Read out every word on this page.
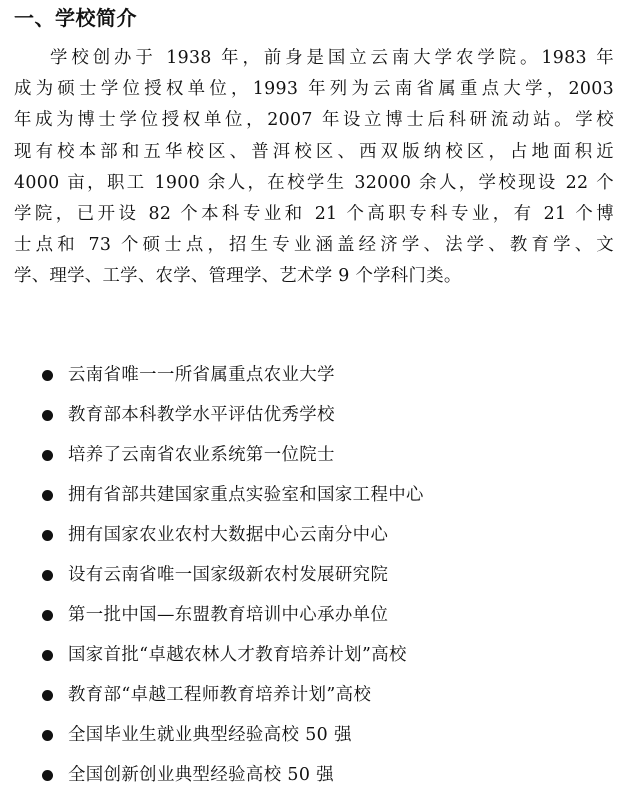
一、学校简介
学校创办于 1938 年，前身是国立云南大学农学院。1983 年
成为硕士学位授权单位，1993 年列为云南省属重点大学，2003
年成为博士学位授权单位，2007 年设立博士后科研流动站。学校
现有校本部和五华校区、普洱校区、西双版纳校区，占地面积近
4000 亩，职工 1900 余人，在校学生 32000 余人，学校现设 22 个
学院，已开设 82 个本科专业和 21 个高职专科专业，有 21 个博
士点和 73 个硕士点，招生专业涵盖经济学、法学、教育学、文
学、理学、工学、农学、管理学、艺术学 9 个学科门类。
云南省唯一一所省属重点农业大学
教育部本科教学水平评估优秀学校
培养了云南省农业系统第一位院士
拥有省部共建国家重点实验室和国家工程中心
拥有国家农业农村大数据中心云南分中心
设有云南省唯一国家级新农村发展研究院
第一批中国—东盟教育培训中心承办单位
国家首批“卓越农林人才教育培养计划”高校
教育部“卓越工程师教育培养计划”高校
全国毕业生就业典型经验高校 50 强
全国创新创业典型经验高校 50 强
